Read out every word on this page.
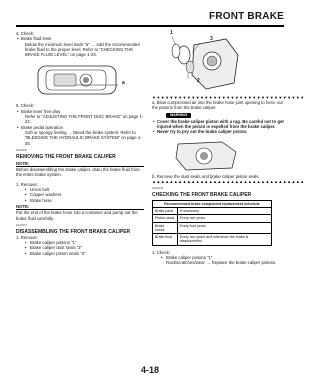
FRONT BRAKE

4. Check:

• Brake fluid level

Below the minimum level mark “a” → Add the recommended brake fluid to the proper level. Refer to “CHECKING THE BRAKE FLUID LEVEL” on page 1-23.

a

5. Check:

• Brake lever free play

Refer to “ADJUSTING THE FRONT DISC BRAKE” on page 1-22.

• Brake pedal operation

Soft or spongy feeling → Bleed the brake system. Refer to “BLEEDING THE HYDRAULIC BRAKE SYSTEM” on page 1-25.

EAS0006

REMOVING THE FRONT BRAKE CALIPER

NOTE:

Before disassembling the brake caliper, drain the brake fluid from the entire brake system.

1. Remove:

• Union bolt

• Copper washers

• Brake hose

NOTE:

Put the end of the brake hose into a container and pump out the brake fluid carefully.

EAS0007

DISASSEMBLING THE FRONT BRAKE CALIPER

1. Remove:

• Brake caliper pistons “1”

• Brake caliper dust seals “2”

• Brake caliper piston seals “3”

1
3
2

▼▼▼▼▼▼▼▼▼▼▼▼▼▼▼▼▼▼▼▼▼▼▼▼▼▼▼▼▼▼▼▼▼▼▼

a. Blow compressed air into the brake hose joint opening to force out the pistons from the brake caliper.

WARNING

• Cover the brake caliper piston with a rag. Be careful not to get injured when the piston is expelled from the brake caliper.

• Never try to pry out the brake caliper piston.

b. Remove the dust seals and brake caliper piston seals.

▲▲▲▲▲▲▲▲▲▲▲▲▲▲▲▲▲▲▲▲▲▲▲▲▲▲▲▲▲▲▲▲▲▲▲

EAS0008

CHECKING THE FRONT BRAKE CALIPER

Recommended brake component replacement schedule	
Brake pads	If necessary
Piston seals	Every two years
Brake hoses	Every four years
Brake fluid	Every two years and whenever the brake is disassembled

1. Check:

• Brake caliper pistons “1”

Rust/scratches/wear → Replace the brake caliper pistons.

4-18
